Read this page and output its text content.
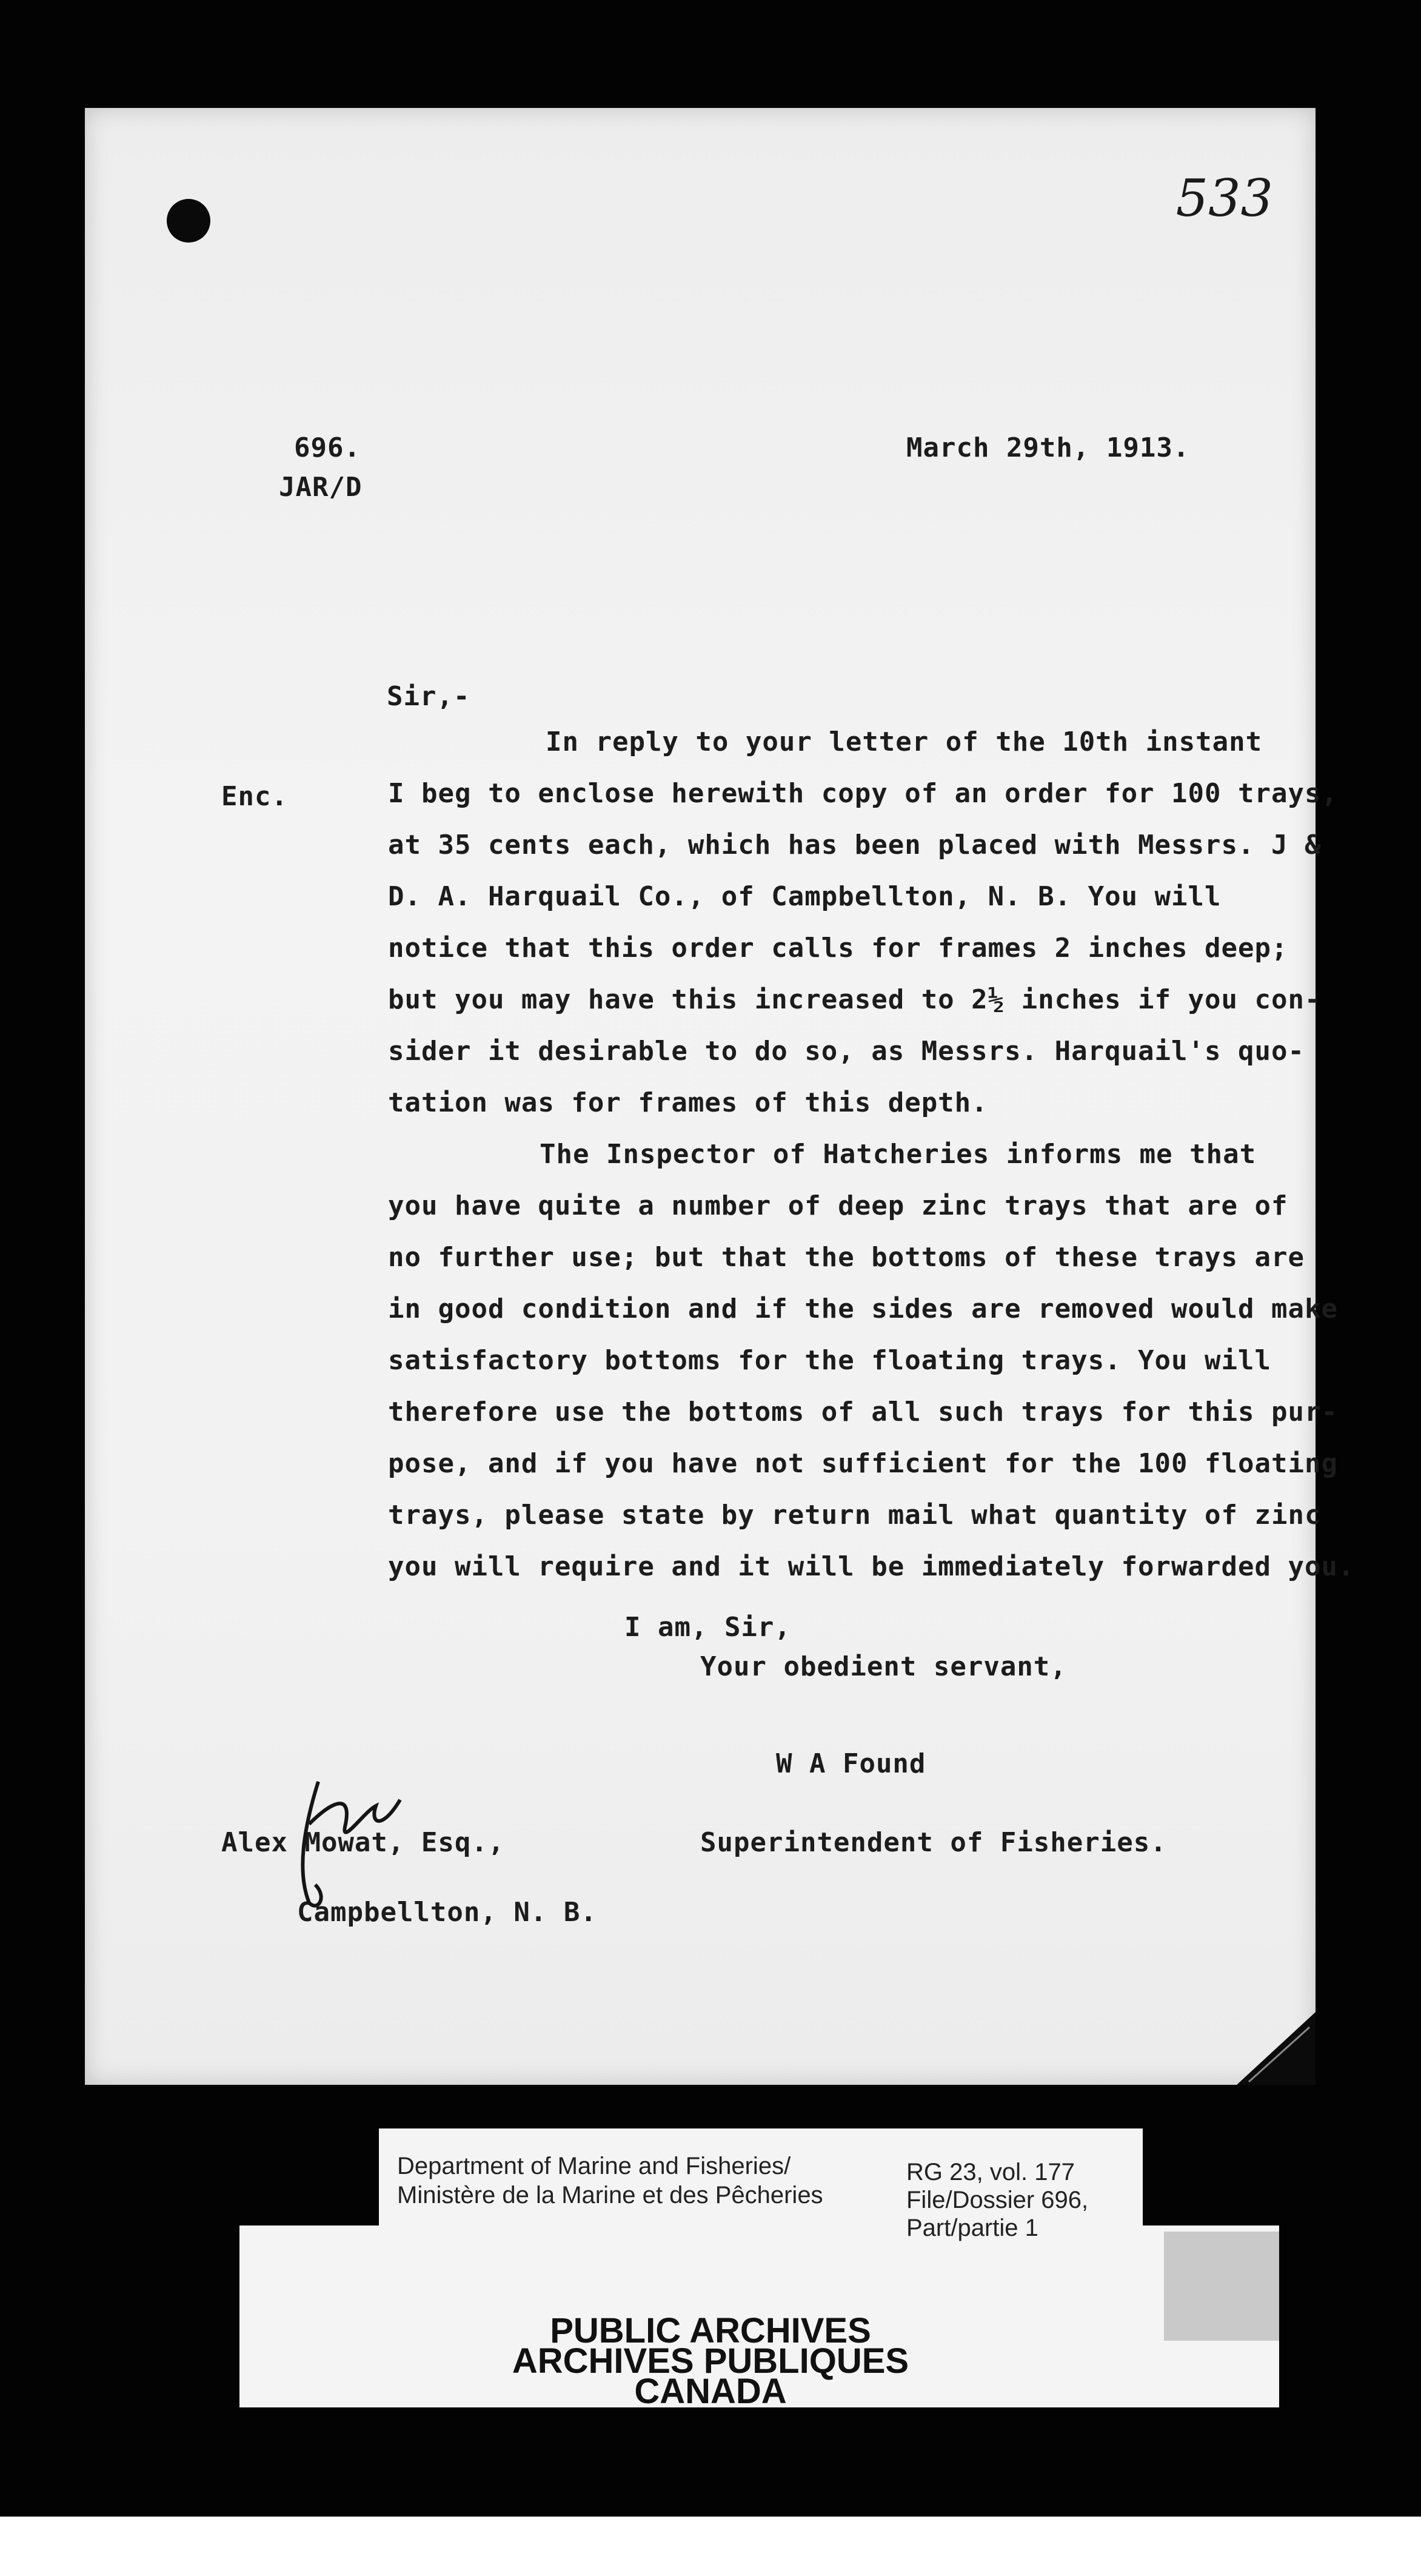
533
696.
JAR/D
March 29th, 1913.
Sir,-
Enc.
In reply to your letter of the 10th instant
I beg to enclose herewith copy of an order for 100 trays,
at 35 cents each, which has been placed with Messrs. J &
D. A. Harquail Co., of Campbellton, N. B. You will
notice that this order calls for frames 2 inches deep;
but you may have this increased to 2½ inches if you con-
sider it desirable to do so, as Messrs. Harquail's quo-
tation was for frames of this depth.
The Inspector of Hatcheries informs me that
you have quite a number of deep zinc trays that are of
no further use; but that the bottoms of these trays are
in good condition and if the sides are removed would make
satisfactory bottoms for the floating trays. You will
therefore use the bottoms of all such trays for this pur-
pose, and if you have not sufficient for the 100 floating
trays, please state by return mail what quantity of zinc
you will require and it will be immediately forwarded you.
I am, Sir,
Your obedient servant,
W A Found
Superintendent of Fisheries.
Alex Mowat, Esq.,
Campbellton, N. B.
Department of Marine and Fisheries/
Ministère de la Marine et des Pêcheries
RG 23, vol. 177
File/Dossier 696,
Part/partie 1
PUBLIC ARCHIVES
ARCHIVES PUBLIQUES
CANADA
